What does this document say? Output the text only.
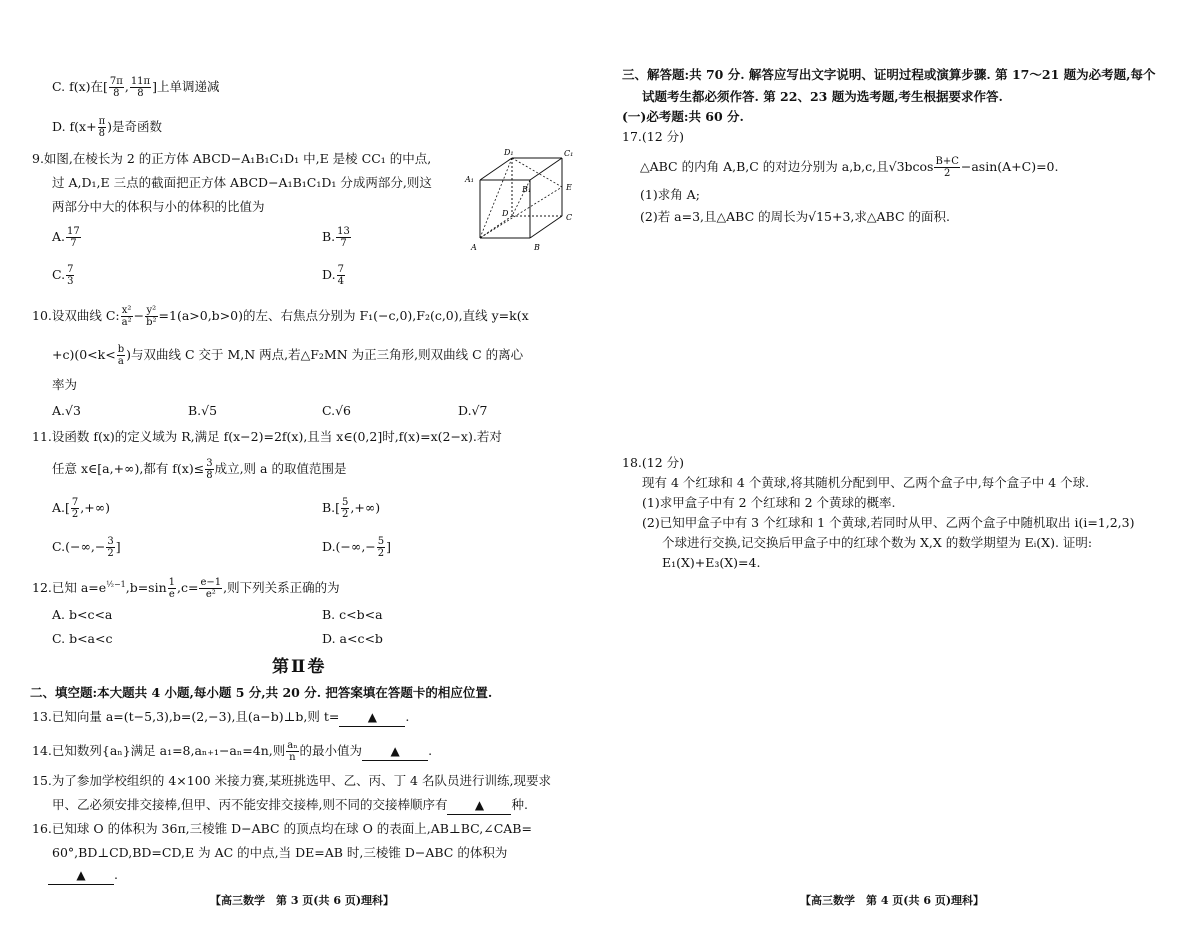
C. f(x)在[ $\frac{7\pi}{8}$ , $\frac{11\pi}{8}$ ]上单调递减
D. $f(x+ \frac{\pi}{8}$ )是奇函数
9.如图,在棱长为 2 的正方体 ABCD−A₁B₁C₁D₁ 中,E 是棱 CC₁ 的中点,
过 A,D₁,E 三点的截面把正方体 ABCD−A₁B₁C₁D₁ 分成两部分,则这
两部分中大的体积与小的体积的比值为
A. $\frac{17}{7}$	B. $\frac{13}{7}$
C. $\frac{7}{3}$	D. $\frac{7}{4}$
D₁	C₁
A₁
B₁	E
D	C
A	B
10.设双曲线 C: $\frac{\text{x²}}{\text{a²}} - \frac{\text{y²}}{\text{b²}} =1(a>0,b>0)$的左、右焦点分别为 F₁(−c,0),F₂(c,0),直线 y=k(x
$+c)(0<k< \frac{b}{a}$ )与双曲线 C 交于 M,N 两点,若△F₂MN 为正三角形,则双曲线 C 的离心
率为
A.√3	B.√5	C.√6	D.√7
11.设函数 f(x)的定义域为 R,满足 f(x−2)=2f(x),且当 x∈(0,2]时,f(x)=x(2−x).若对
任意 x∈[a,+∞),都有 $f(x)\le \frac{3}{8}$ 成立,则 a 的取值范围是
$A.[ \frac{7}{2}$ ,+∞)	$B.[ \frac{5}{2}$ ,+∞)
$C.(-\infty,- \frac{3}{2}$ ]	$D.(-\infty,- \frac{5}{2}$ ]
12.已知 $a=e^{\frac{1}{2}-1},b=\sin \frac{1}{e} ,c= \frac{e-1}{\text{e²}}$ ,则下列关系正确的为
A. b<c<a	B. c<b<a
C. b<a<c	D. a<c<b
第Ⅱ卷
二、填空题:本大题共 4 小题,每小题 5 分,共 20 分. 把答案填在答题卡的相应位置.
13.已知向量 a=(t−5,3),b=(2,−3),且(a−b)⊥b,则 t= ▲ .
14.已知数列{aₙ}满足 a₁=8,aₙ₊₁−aₙ=4n,则 $\frac{\text{aₙ}}{n}$ 的最小值为 ▲ .
15.为了参加学校组织的 4×100 米接力赛,某班挑选甲、乙、丙、丁 4 名队员进行训练,现要求
甲、乙必须安排交接棒,但甲、丙不能安排交接棒,则不同的交接棒顺序有 ▲ 种.
16.已知球 O 的体积为 36π,三棱锥 D−ABC 的顶点均在球 O 的表面上,AB⊥BC,∠CAB=
60°,BD⊥CD,BD=CD,E 为 AC 的中点,当 DE=AB 时,三棱锥 D−ABC 的体积为
▲ .
【高三数学　第 3 页(共 6 页)理科】
三、解答题:共 70 分. 解答应写出文字说明、证明过程或演算步骤. 第 17～21 题为必考题,每个
试题考生都必须作答. 第 22、23 题为选考题,考生根据要求作答.
(一)必考题:共 60 分.
17.(12 分)
△ABC 的内角 A,B,C 的对边分别为 a,b,c,且$√3bcos \frac{B+C}{2} -asin(A+C)=0$.
(1)求角 A;
(2)若 a=3,且△ABC 的周长为√15+3,求△ABC 的面积.
18.(12 分)
现有 4 个红球和 4 个黄球,将其随机分配到甲、乙两个盒子中,每个盒子中 4 个球.
(1)求甲盒子中有 2 个红球和 2 个黄球的概率.
(2)已知甲盒子中有 3 个红球和 1 个黄球,若同时从甲、乙两个盒子中随机取出 i(i=1,2,3)
个球进行交换,记交换后甲盒子中的红球个数为 X,X 的数学期望为 Eᵢ(X). 证明:
E₁(X)+E₃(X)=4.
【高三数学　第 4 页(共 6 页)理科】
